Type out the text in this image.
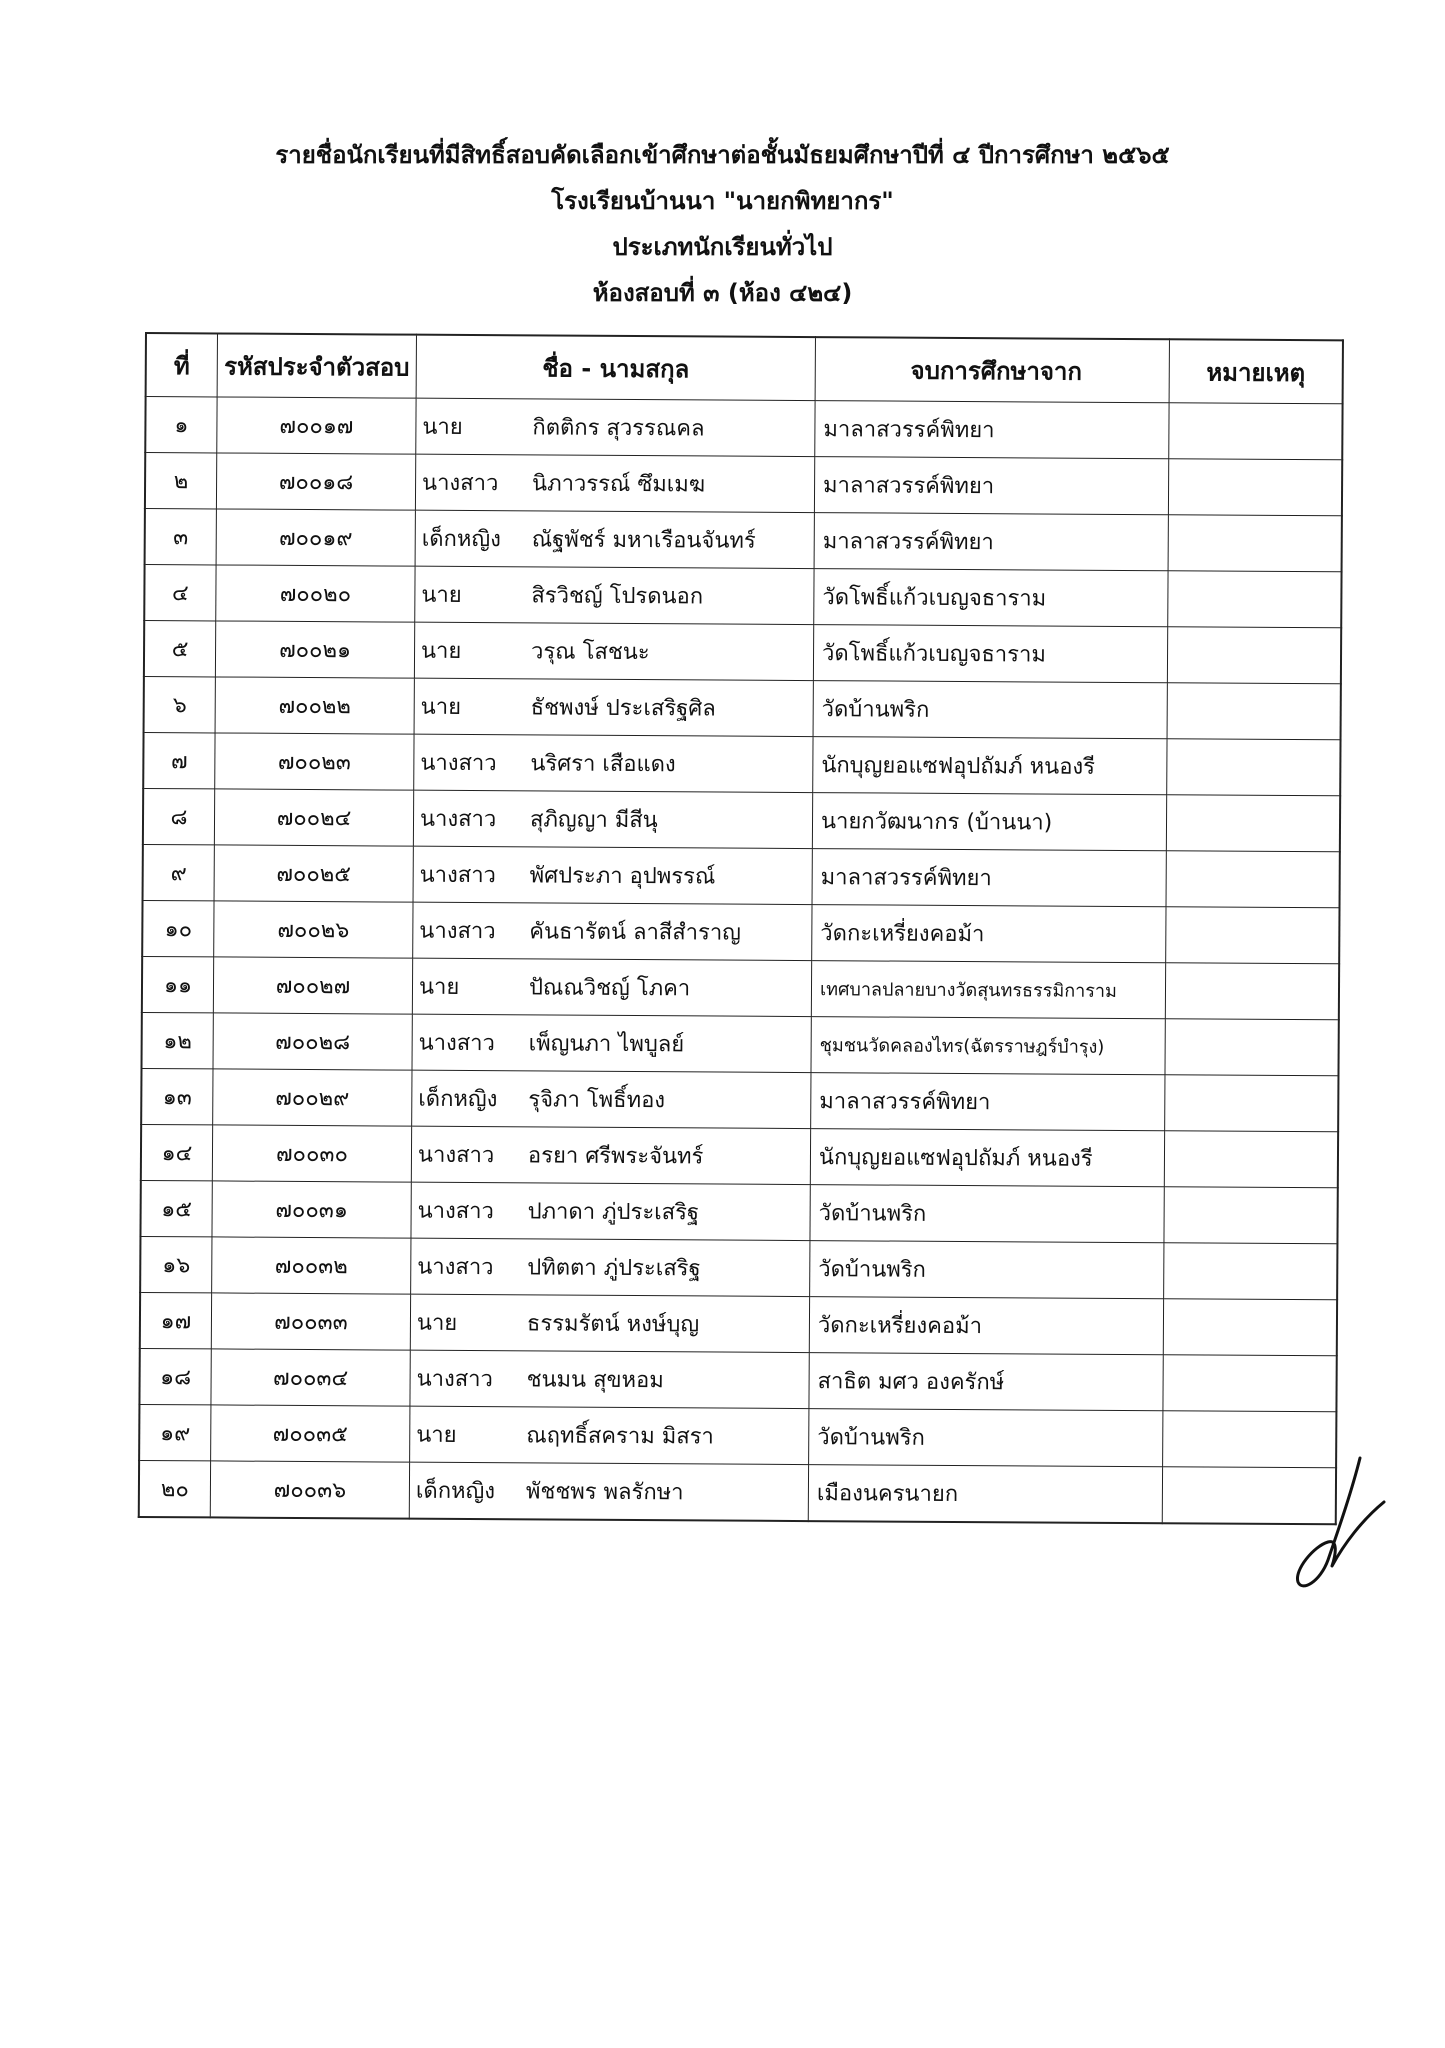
รายชื่อนักเรียนที่มีสิทธิ์สอบคัดเลือกเข้าศึกษาต่อชั้นมัธยมศึกษาปีที่ ๔ ปีการศึกษา ๒๕๖๕
โรงเรียนบ้านนา "นายกพิทยากร"
ประเภทนักเรียนทั่วไป
ห้องสอบที่ ๓ (ห้อง ๔๒๔)
ที่	รหัสประจำตัวสอบ	ชื่อ - นามสกุล	จบการศึกษาจาก	หมายเหตุ
๑	๗๐๐๑๗	นาย กิตติกร สุวรรณคล	มาลาสวรรค์พิทยา	
๒	๗๐๐๑๘	นางสาว นิภาวรรณ์ ซึมเมฆ	มาลาสวรรค์พิทยา	
๓	๗๐๐๑๙	เด็กหญิง ณัฐพัชร์ มหาเรือนจันทร์	มาลาสวรรค์พิทยา	
๔	๗๐๐๒๐	นาย สิรวิชญ์ โปรดนอก	วัดโพธิ์แก้วเบญจธาราม	
๕	๗๐๐๒๑	นาย วรุณ โสชนะ	วัดโพธิ์แก้วเบญจธาราม	
๖	๗๐๐๒๒	นาย ธัชพงษ์ ประเสริฐศิล	วัดบ้านพริก	
๗	๗๐๐๒๓	นางสาว นริศรา เสือแดง	นักบุญยอแซฟอุปถัมภ์ หนองรี	
๘	๗๐๐๒๔	นางสาว สุภิญญา มีสีนุ	นายกวัฒนากร (บ้านนา)	
๙	๗๐๐๒๕	นางสาว พัศประภา อุปพรรณ์	มาลาสวรรค์พิทยา	
๑๐	๗๐๐๒๖	นางสาว คันธารัตน์ ลาสีสำราญ	วัดกะเหรี่ยงคอม้า	
๑๑	๗๐๐๒๗	นาย ปัณณวิชญ์ โภคา	เทศบาลปลายบางวัดสุนทรธรรมิการาม	
๑๒	๗๐๐๒๘	นางสาว เพ็ญนภา ไพบูลย์	ชุมชนวัดคลองไทร(ฉัตรราษฎร์บำรุง)	
๑๓	๗๐๐๒๙	เด็กหญิง รุจิภา โพธิ์ทอง	มาลาสวรรค์พิทยา	
๑๔	๗๐๐๓๐	นางสาว อรยา ศรีพระจันทร์	นักบุญยอแซฟอุปถัมภ์ หนองรี	
๑๕	๗๐๐๓๑	นางสาว ปภาดา ภู่ประเสริฐ	วัดบ้านพริก	
๑๖	๗๐๐๓๒	นางสาว ปทิตตา ภู่ประเสริฐ	วัดบ้านพริก	
๑๗	๗๐๐๓๓	นาย ธรรมรัตน์ หงษ์บุญ	วัดกะเหรี่ยงคอม้า	
๑๘	๗๐๐๓๔	นางสาว ชนมน สุขหอม	สาธิต มศว องครักษ์	
๑๙	๗๐๐๓๕	นาย ณฤทธิ์สคราม มิสรา	วัดบ้านพริก	
๒๐	๗๐๐๓๖	เด็กหญิง พัชชพร พลรักษา	เมืองนครนายก	
